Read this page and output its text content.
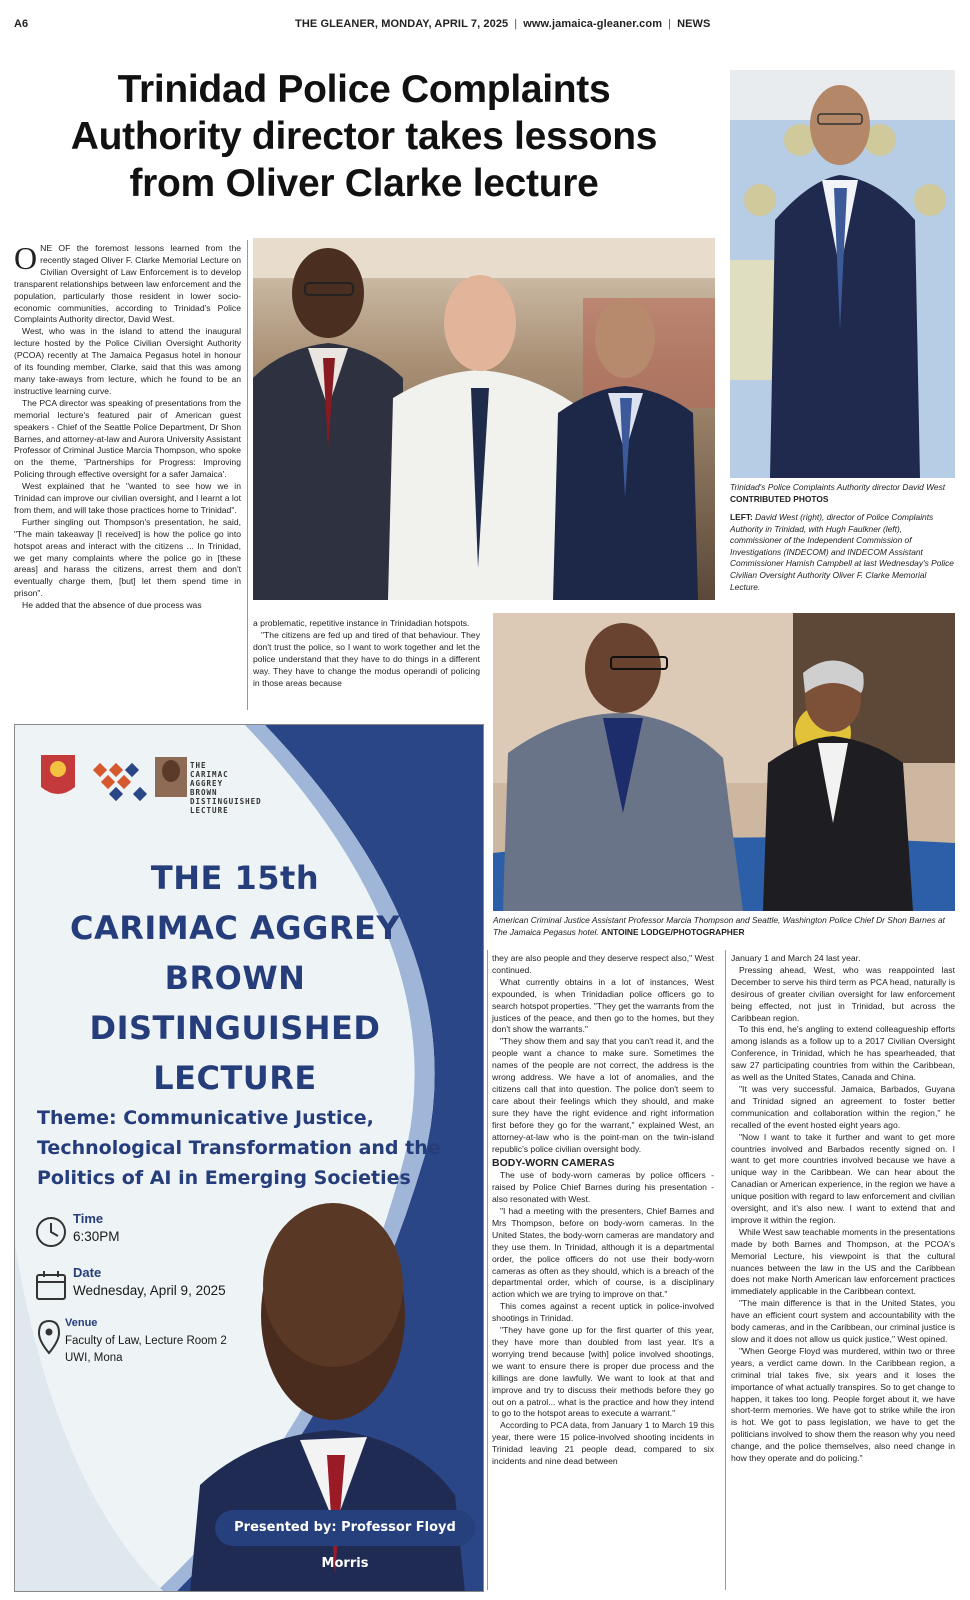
A6	THE GLEANER, MONDAY, APRIL 7, 2025 | www.jamaica-gleaner.com | NEWS
Trinidad Police Complaints
Authority director takes lessons
from Oliver Clarke lecture
Trinidad's Police Complaints Authority director David West CONTRIBUTED PHOTOS
LEFT: David West (right), director of Police Complaints Authority in Trinidad, with Hugh Faulkner (left), commissioner of the Independent Commission of Investigations (INDECOM) and INDECOM Assistant Commissioner Hamish Campbell at last Wednesday's Police Civilian Oversight Authority Oliver F. Clarke Memorial Lecture.
American Criminal Justice Assistant Professor Marcia Thompson and Seattle, Washington Police Chief Dr Shon Barnes at The Jamaica Pegasus hotel. ANTOINE LODGE/PHOTOGRAPHER

ONE OF the foremost lessons learned from the recently staged Oliver F. Clarke Memorial Lecture on Civilian Oversight of Law Enforcement is to develop transparent relationships between law enforcement and the population, particularly those resident in lower socio-economic communities, according to Trinidad's Police Complaints Authority director, David West.

West, who was in the island to attend the inaugural lecture hosted by the Police Civilian Oversight Authority (PCOA) recently at The Jamaica Pegasus hotel in honour of its founding member, Clarke, said that this was among many take-aways from lecture, which he found to be an instructive learning curve.

The PCA director was speaking of presentations from the memorial lecture's featured pair of American guest speakers - Chief of the Seattle Police Department, Dr Shon Barnes, and attorney-at-law and Aurora University Assistant Professor of Criminal Justice Marcia Thompson, who spoke on the theme, 'Partnerships for Progress: Improving Policing through effective oversight for a safer Jamaica'.

West explained that he "wanted to see how we in Trinidad can improve our civilian oversight, and I learnt a lot from them, and will take those practices home to Trinidad".

Further singling out Thompson's presentation, he said, "The main takeaway [I received] is how the police go into hotspot areas and interact with the citizens ... In Trinidad, we get many complaints where the police go in [these areas] and harass the citizens, arrest them and don't eventually charge them, [but] let them spend time in prison".

He added that the absence of due process was

a problematic, repetitive instance in Trinidadian hotspots.

"The citizens are fed up and tired of that behaviour. They don't trust the police, so I want to work together and let the police understand that they have to do things in a different way. They have to change the modus operandi of policing in those areas because

they are also people and they deserve respect also," West continued.

What currently obtains in a lot of instances, West expounded, is when Trinidadian police officers go to search hotspot properties. "They get the warrants from the justices of the peace, and then go to the homes, but they don't show the warrants."

"They show them and say that you can't read it, and the people want a chance to make sure. Sometimes the names of the people are not correct, the address is the wrong address. We have a lot of anomalies, and the citizens call that into question. The police don't seem to care about their feelings which they should, and make sure they have the right evidence and right information first before they go for the warrant," explained West, an attorney-at-law who is the point-man on the twin-island republic's police civilian oversight body.

BODY-WORN CAMERAS

The use of body-worn cameras by police officers - raised by Police Chief Barnes during his presentation - also resonated with West.

"I had a meeting with the presenters, Chief Barnes and Mrs Thompson, before on body-worn cameras. In the United States, the body-worn cameras are mandatory and they use them. In Trinidad, although it is a departmental order, the police officers do not use their body-worn cameras as often as they should, which is a breach of the departmental order, which of course, is a disciplinary action which we are trying to improve on that."

This comes against a recent uptick in police-involved shootings in Trinidad.

"They have gone up for the first quarter of this year, they have more than doubled from last year. It's a worrying trend because [with] police involved shootings, we want to ensure there is proper due process and the killings are done lawfully. We want to look at that and improve and try to discuss their methods before they go out on a patrol... what is the practice and how they intend to go to the hotspot areas to execute a warrant."

According to PCA data, from January 1 to March 19 this year, there were 15 police-involved shooting incidents in Trinidad leaving 21 people dead, compared to six incidents and nine dead between

January 1 and March 24 last year.

Pressing ahead, West, who was reappointed last December to serve his third term as PCA head, naturally is desirous of greater civilian oversight for law enforcement being effected, not just in Trinidad, but across the Caribbean region.

To this end, he's angling to extend colleagueship efforts among islands as a follow up to a 2017 Civilian Oversight Conference, in Trinidad, which he has spearheaded, that saw 27 participating countries from within the Caribbean, as well as the United States, Canada and China.

"It was very successful. Jamaica, Barbados, Guyana and Trinidad signed an agreement to foster better communication and collaboration within the region," he recalled of the event hosted eight years ago.

"Now I want to take it further and want to get more countries involved and Barbados recently signed on. I want to get more countries involved because we have a unique way in the Caribbean. We can hear about the Canadian or American experience, in the region we have a unique position with regard to law enforcement and civilian oversight, and it's also new. I want to extend that and improve it within the region.

While West saw teachable moments in the presentations made by both Barnes and Thompson, at the PCOA's Memorial Lecture, his viewpoint is that the cultural nuances between the law in the US and the Caribbean does not make North American law enforcement practices immediately applicable in the Caribbean context.

"The main difference is that in the United States, you have an efficient court system and accountability with the body cameras, and in the Caribbean, our criminal justice is slow and it does not allow us quick justice," West opined.

"When George Floyd was murdered, within two or three years, a verdict came down. In the Caribbean region, a criminal trial takes five, six years and it loses the importance of what actually transpires. So to get change to happen, it takes too long. People forget about it, we have short-term memories. We have got to strike while the iron is hot. We got to pass legislation, we have to get the politicians involved to show them the reason why you need change, and the police themselves, also need change in how they operate and do policing."

THE
CARIMAC
AGGREY
BROWN
DISTINGUISHED
LECTURE
THE 15th
CARIMAC AGGREY BROWN
DISTINGUISHED
LECTURE
Theme: Communicative Justice,
Technological Transformation and the
Politics of AI in Emerging Societies
Time
6:30PM
Date
Wednesday, April 9, 2025
Venue
Faculty of Law, Lecture Room 2
UWI, Mona
Presented by: Professor Floyd Morris
